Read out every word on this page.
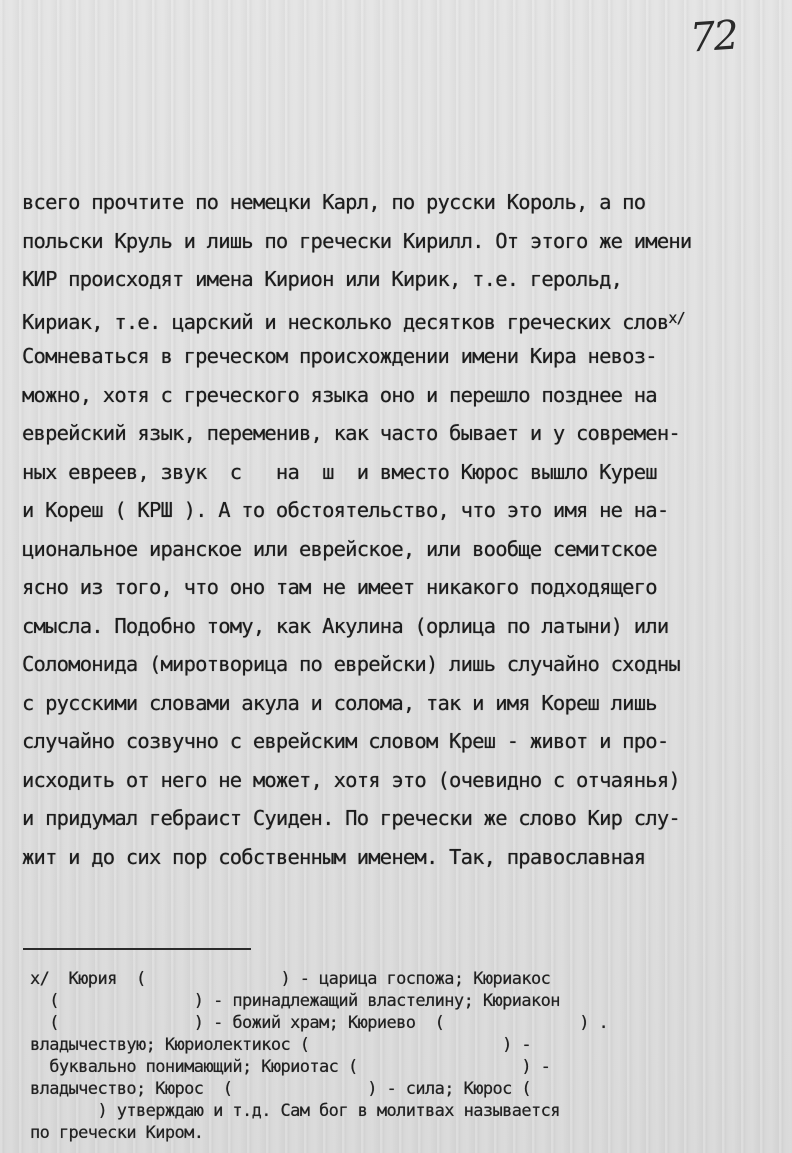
72
всего прочтите по немецки Карл, по русски Король, а по
польски Круль и лишь по гречески Кирилл. От этого же имени
КИР происходят имена Кирион или Кирик, т.е. герольд,
Кириак, т.е. царский и несколько десятков греческих слов$^{x/}$
Сомневаться в греческом происхождении имени Кира невоз-
можно, хотя с греческого языка оно и перешло позднее на
еврейский язык, переменив, как часто бывает и у современ-
ных евреев, звук  с   на  ш  и вместо Кюрос вышло Куреш
и Кореш ( КРШ ). А то обстоятельство, что это имя не на-
циональное иранское или еврейское, или вообще семитское
ясно из того, что оно там не имеет никакого подходящего
смысла. Подобно тому, как Акулина (орлица по латыни) или
Соломонида (миротворица по еврейски) лишь случайно сходны
с русскими словами акула и солома, так и имя Кореш лишь
случайно созвучно с еврейским словом Креш - живот и про-
исходить от него не может, хотя это (очевидно с отчаянья)
и придумал гебраист Суиден. По гречески же слово Кир слу-
жит и до сих пор собственным именем. Так, православная
x/  Кюрия  (              ) - царица госпожа; Кюриакос
(              ) - принадлежащий властелину; Кюриакон
(              ) - божий храм; Кюриево  (              ) .
владычествую; Кюриолектикос (                    ) -
буквально понимающий; Кюриотас (                 ) -
владычество; Кюрос  (              ) - сила; Кюрос (
) утверждаю и т.д. Сам бог в молитвах называется
по гречески Киром.
